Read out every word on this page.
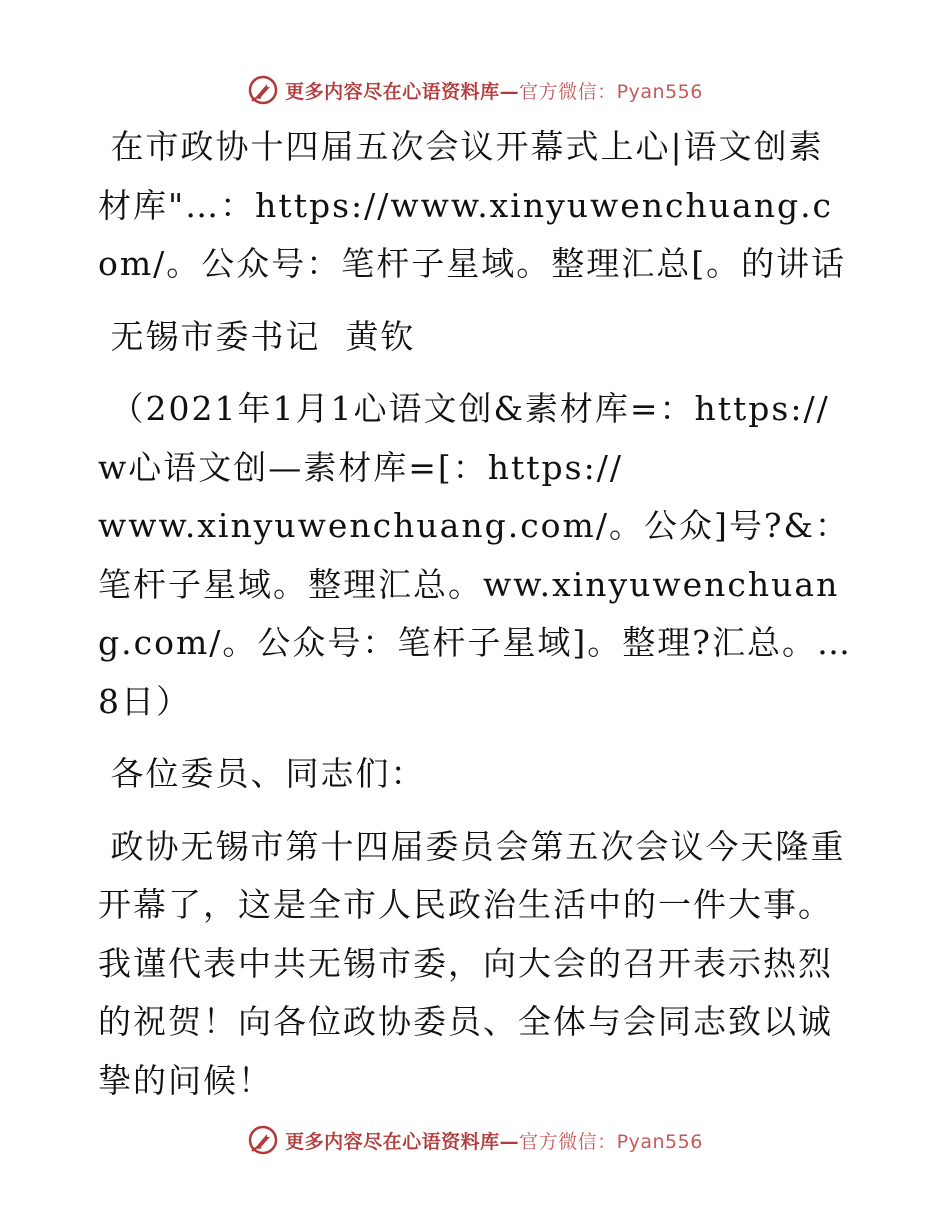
更多内容尽在心语资料库—官方微信：Pyan556

在市政协十四届五次会议开幕式上心|语文创素材库"…：https://www.xinyuwenchuang.com/。公众号：笔杆子星域。整理汇总[。的讲话

无锡市委书记  黄钦

（2021年1月1心语文创&素材库=：https://w心语文创—素材库=[：https://
www.xinyuwenchuang.com/。公众]号?&：笔杆子星域。整理汇总。ww.xinyuwenchuang.com/。公众号：笔杆子星域]。整理?汇总。…8日）

各位委员、同志们：

政协无锡市第十四届委员会第五次会议今天隆重开幕了，这是全市人民政治生活中的一件大事。我谨代表中共无锡市委，向大会的召开表示热烈的祝贺！向各位政协委员、全体与会同志致以诚挚的问候！

更多内容尽在心语资料库—官方微信：Pyan556
